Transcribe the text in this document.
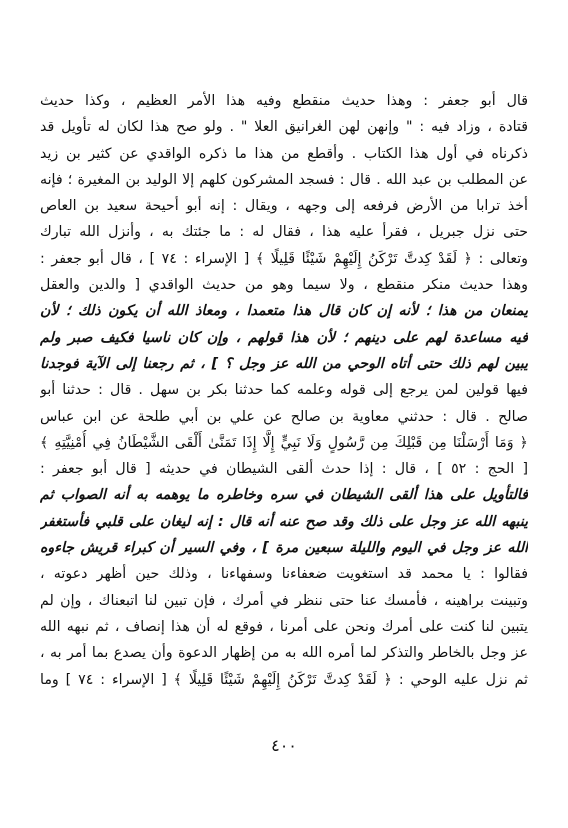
قال أبو جعفر : وهذا حديث منقطع وفيه هذا الأمر العظيم ، وكذا حديث
قتادة ، وزاد فيه : " وإنهن لهن الغرانيق العلا " . ولو صح هذا لكان له تأويل قد
ذكرناه في أول هذا الكتاب . وأقطع من هذا ما ذكره الواقدي عن كثير بن زيد
عن المطلب بن عبد الله . قال : فسجد المشركون كلهم إلا الوليد بن المغيرة ؛ فإنه
أخذ ترابا من الأرض فرفعه إلى وجهه ، ويقال : إنه أبو أحيحة سعيد بن العاص
حتى نزل جبريل ، فقرأ عليه هذا ، فقال له : ما جئتك به ، وأنزل الله تبارك
وتعالى : ﴿ لَقَدْ كِدتَّ تَرْكَنُ إِلَيْهِمْ شَيْئًا قَلِيلًا ﴾ [ الإسراء : ٧٤ ] ، قال أبو جعفر :
وهذا حديث منكر منقطع ، ولا سيما وهو من حديث الواقدي [ والدين والعقل
يمنعان من هذا ؛ لأنه إن كان قال هذا متعمدا ، ومعاذ الله أن يكون ذلك ؛ لأن
فيه مساعدة لهم على دينهم ؛ لأن هذا قولهم ، وإن كان ناسيا فكيف صبر ولم
يبين لهم ذلك حتى أتاه الوحي من الله عز وجل ؟ ] ، ثم رجعنا إلى الآية فوجدنا
فيها قولين لمن يرجع إلى قوله وعلمه كما حدثنا بكر بن سهل . قال : حدثنا أبو
صالح . قال : حدثني معاوية بن صالح عن علي بن أبي طلحة عن ابن عباس
﴿ وَمَا أَرْسَلْنَا مِن قَبْلِكَ مِن رَّسُولٍ وَلَا نَبِيٍّ إِلَّا إِذَا تَمَنَّىٰ أَلْقَى الشَّيْطَانُ فِي أُمْنِيَّتِهِ ﴾
[ الحج : ٥٢ ] ، قال : إذا حدث ألقى الشيطان في حديثه [ قال أبو جعفر :
فالتأويل على هذا ألقى الشيطان في سره وخاطره ما يوهمه به أنه الصواب ثم
ينبهه الله عز وجل على ذلك وقد صح عنه أنه قال : إنه ليغان على قلبي فأستغفر
الله عز وجل في اليوم والليلة سبعين مرة ] ، وفي السير أن كبراء قريش جاءوه
فقالوا : يا محمد قد استغويت ضعفاءنا وسفهاءنا ، وذلك حين أظهر دعوته ،
وتبينت براهينه ، فأمسك عنا حتى ننظر في أمرك ، فإن تبين لنا اتبعناك ، وإن لم
يتبين لنا كنت على أمرك ونحن على أمرنا ، فوقع له أن هذا إنصاف ، ثم نبهه الله
عز وجل بالخاطر والتذكر لما أمره الله به من إظهار الدعوة وأن يصدع بما أمر به ،
ثم نزل عليه الوحي : ﴿ لَقَدْ كِدتَّ تَرْكَنُ إِلَيْهِمْ شَيْئًا قَلِيلًا ﴾ [ الإسراء : ٧٤ ] وما
٤٠٠
